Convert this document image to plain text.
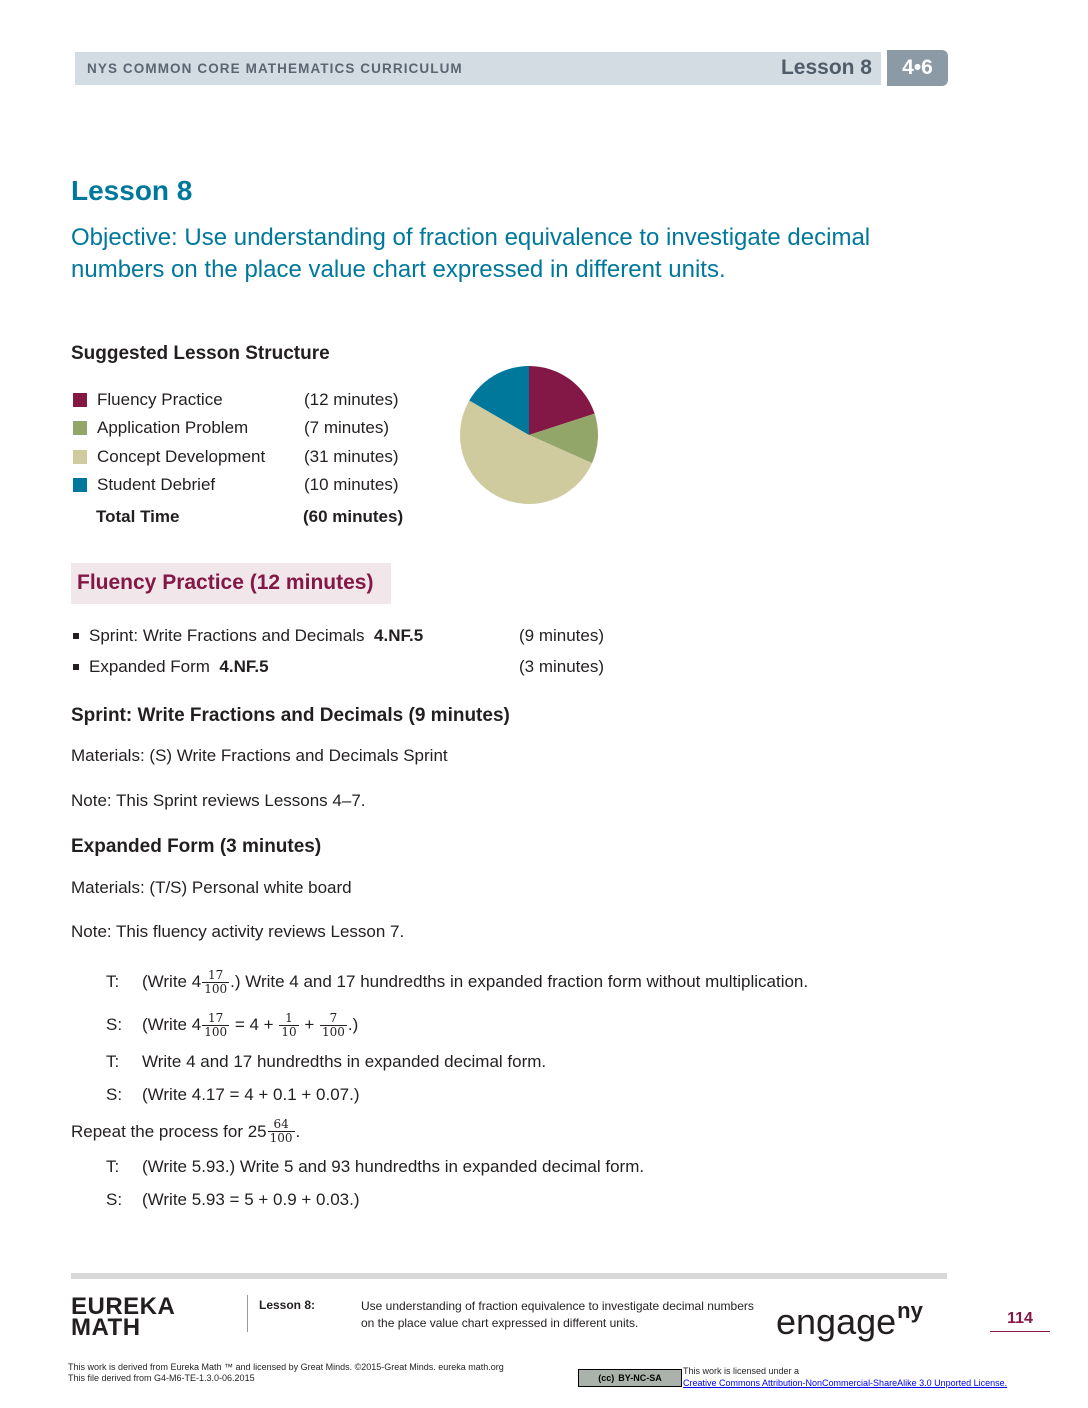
NYS COMMON CORE MATHEMATICS CURRICULUM	Lesson 8	4•6
Lesson 8
Objective: Use understanding of fraction equivalence to investigate decimal numbers on the place value chart expressed in different units.
Suggested Lesson Structure
Fluency Practice	(12 minutes)
Application Problem	(7 minutes)
Concept Development	(31 minutes)
Student Debrief	(10 minutes)
Total Time	(60 minutes)
Fluency Practice (12 minutes)
Sprint: Write Fractions and Decimals 4.NF.5	(9 minutes)
Expanded Form 4.NF.5	(3 minutes)
Sprint: Write Fractions and Decimals (9 minutes)
Materials: (S) Write Fractions and Decimals Sprint
Note: This Sprint reviews Lessons 4–7.
Expanded Form (3 minutes)
Materials: (T/S) Personal white board
Note: This fluency activity reviews Lesson 7.
T:	(Write $4 \frac{17}{100}$ .) Write 4 and 17 hundredths in expanded fraction form without multiplication.
S:	(Write $4 \frac{17}{100} = 4 + \frac{1}{10} + \frac{7}{100}$ .)
T:	Write 4 and 17 hundredths in expanded decimal form.
S:	(Write 4.17 = 4 + 0.1 + 0.07.)
Repeat the process for $25 \frac{64}{100}$ .
T:	(Write 5.93.) Write 5 and 93 hundredths in expanded decimal form.
S:	(Write 5.93 = 5 + 0.9 + 0.03.)
EUREKA
MATH
Lesson 8:	Use understanding of fraction equivalence to investigate decimal numbers on the place value chart expressed in different units.	engage$^{ny}$	114
This work is derived from Eureka Math ™ and licensed by Great Minds. ©2015-Great Minds. eureka math.org
This file derived from G4-M6-TE-1.3.0-06.2015	(cc) BY-NC-SA
This work is licensed under a
Creative Commons Attribution-NonCommercial-ShareAlike 3.0 Unported License.
